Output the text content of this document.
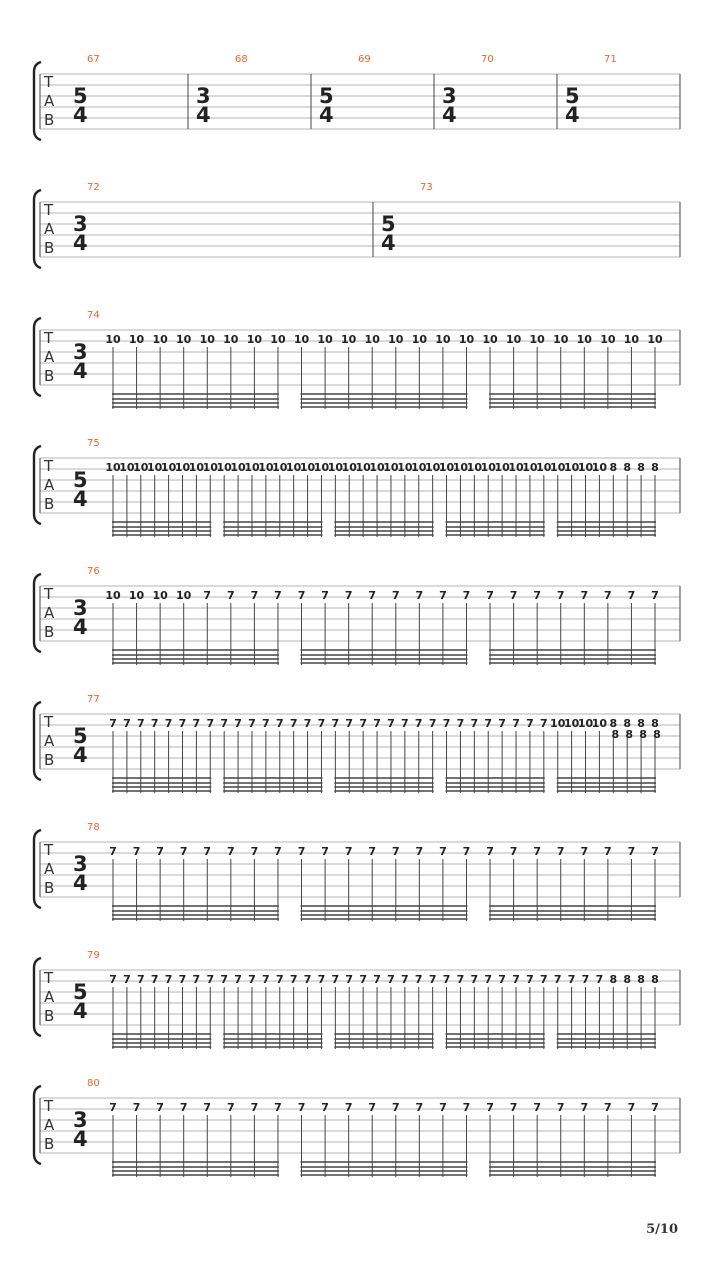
T
A
B
67
5
4
68
3
4
69
5
4
70
3
4
71
5
4
T
A
B
72
3
4
73
5
4
T
A
B
74
3
4
10 10 10 10 10 10 10 10 10 10 10 10 10 10 10 10 10 10 10 10 10 10 10 10
T
A
B
75
5
4
10
10
10
10
10
10
10
10
10
10
10
10
10
10
10
10
10
10
10
10
10
10
10
10
10
10
10
10
10
10
10
10
10
10
10
10 8 8 8 8
T
A
B
76
3
4
10 10 10 10 7 7 7 7 7 7 7 7 7 7 7 7 7 7 7 7 7 7 7 7
T
A
B
77
5
4
7 7 7 7 7 7 7 7 7 7 7 7 7 7 7 7 7 7 7 7 7 7 7 7 7 7 7 7 7 7 7 7 10
10
10
10 8 8 8 8
8 8 8 8
T
A
B
78
3
4
7 7 7 7 7 7 7 7 7 7 7 7 7 7 7 7 7 7 7 7 7 7 7 7
T
A
B
79
5
4
7 7 7 7 7 7 7 7 7 7 7 7 7 7 7 7 7 7 7 7 7 7 7 7 7 7 7 7 7 7 7 7 7 7 7 7 8 8 8 8
T
A
B
80
3
4
7 7 7 7 7 7 7 7 7 7 7 7 7 7 7 7 7 7 7 7 7 7 7 7
5/10
